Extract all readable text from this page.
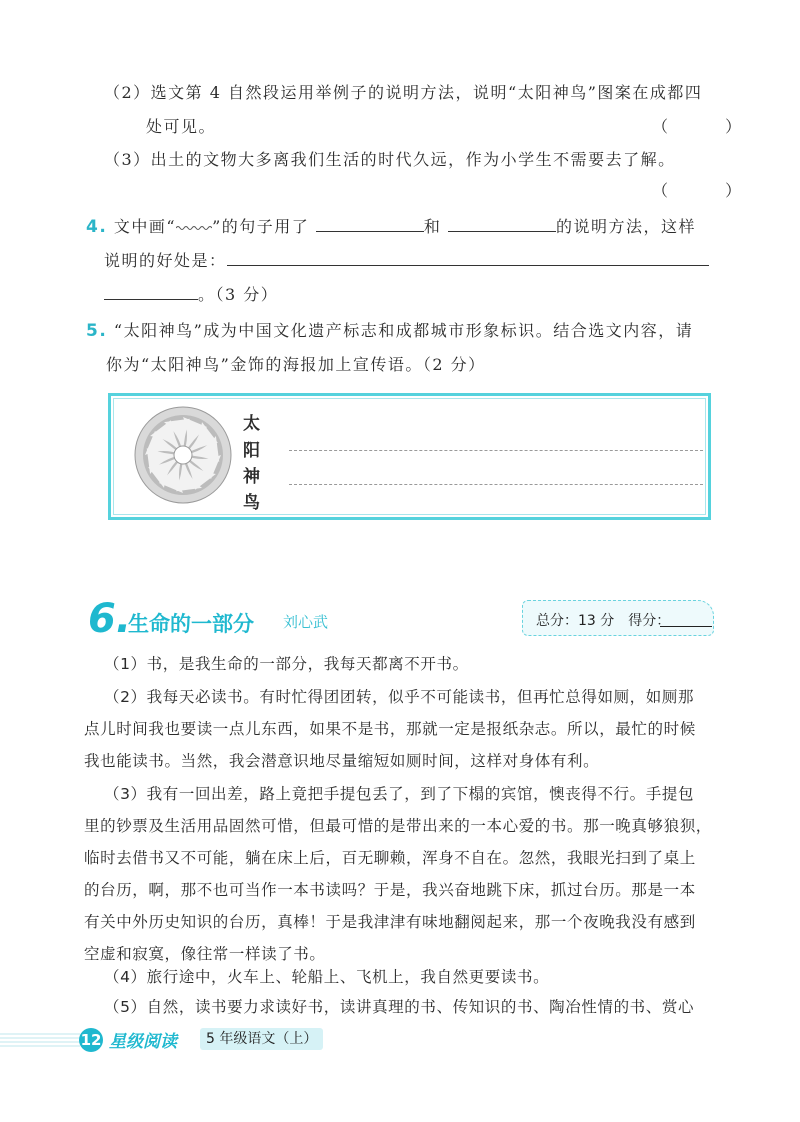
（2）选文第 4 自然段运用举例子的说明方法，说明“太阳神鸟”图案在成都四
处可见。	（ ）
（3）出土的文物大多离我们生活的时代久远，作为小学生不需要去了解。
（ ）
4. 文中画“ ”的句子用了	和	的说明方法，这样
说明的好处是：
。（3 分）
5. “太阳神鸟”成为中国文化遗产标志和成都城市形象标识。结合选文内容，请
你为“太阳神鸟”金饰的海报加上宣传语。（2 分）
太
阳
神
鸟
6.
生命的一部分 刘心武	总分：13 分　得分：
（1）书，是我生命的一部分，我每天都离不开书。
（2）我每天必读书。有时忙得团团转，似乎不可能读书，但再忙总得如厕，如厕那
点儿时间我也要读一点儿东西，如果不是书，那就一定是报纸杂志。所以，最忙的时候
我也能读书。当然，我会潜意识地尽量缩短如厕时间，这样对身体有利。
（3）我有一回出差，路上竟把手提包丢了，到了下榻的宾馆，懊丧得不行。手提包
里的钞票及生活用品固然可惜，但最可惜的是带出来的一本心爱的书。那一晚真够狼狈，
临时去借书又不可能，躺在床上后，百无聊赖，浑身不自在。忽然，我眼光扫到了桌上
的台历，啊，那不也可当作一本书读吗？于是，我兴奋地跳下床，抓过台历。那是一本
有关中外历史知识的台历，真棒！于是我津津有味地翻阅起来，那一个夜晚我没有感到
空虚和寂寞，像往常一样读了书。
（4）旅行途中，火车上、轮船上、飞机上，我自然更要读书。
（5）自然，读书要力求读好书，读讲真理的书、传知识的书、陶冶性情的书、赏心
12 星级阅读	5 年级语文（上）
